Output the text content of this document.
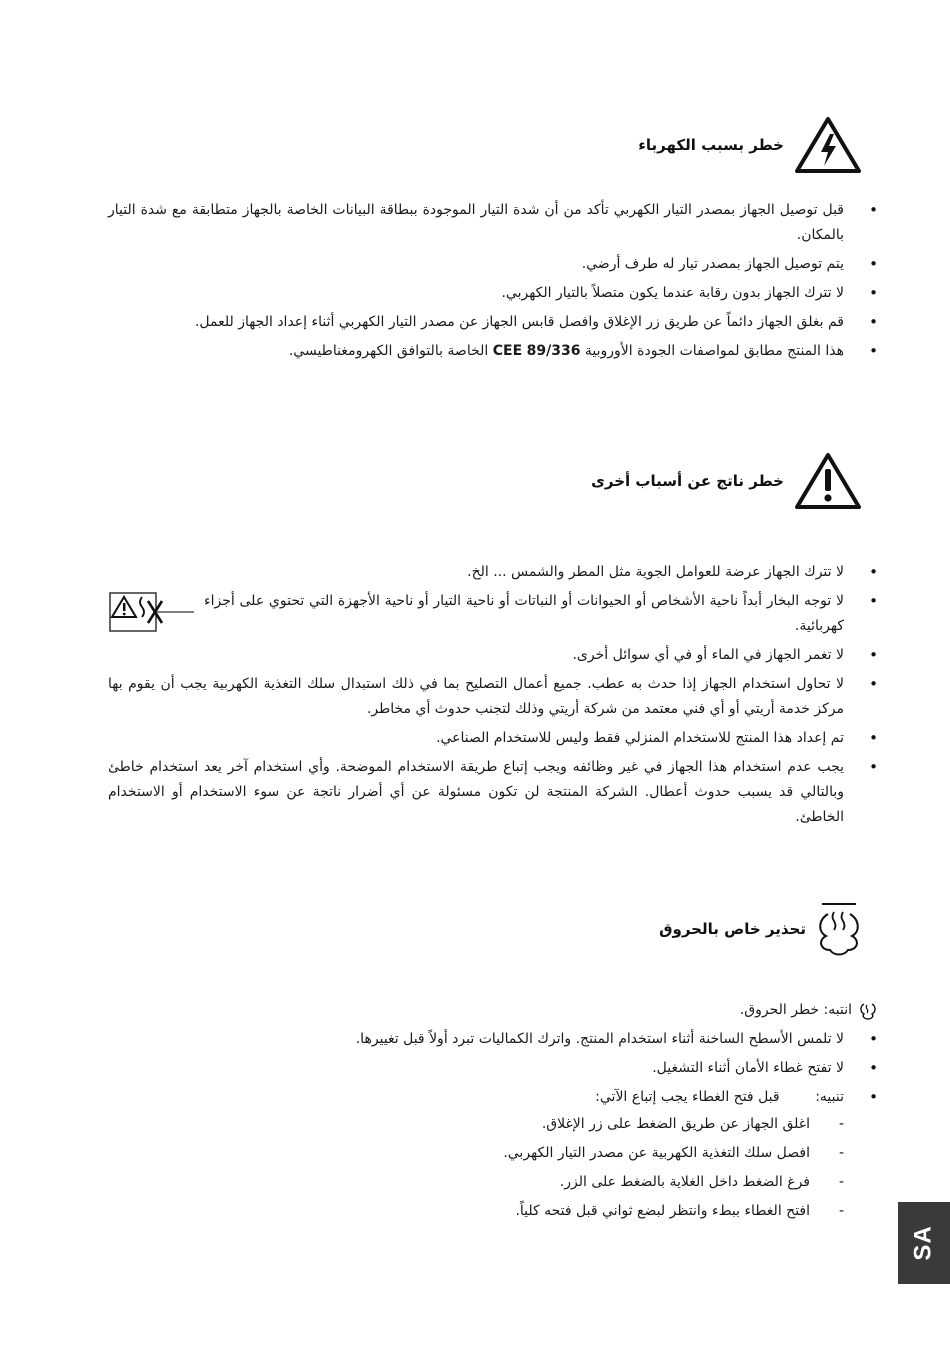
خطر بسبب الكهرباء
• قبل توصيل الجهاز بمصدر التيار الكهربي تأكد من أن شدة التيار الموجودة ببطاقة البيانات الخاصة بالجهاز متطابقة مع شدة التيار بالمكان.
• يتم توصيل الجهاز بمصدر تيار له طرف أرضي.
• لا تترك الجهاز بدون رقابة عندما يكون متصلاً بالتيار الكهربي.
• قم بغلق الجهاز دائماً عن طريق زر الإغلاق وافصل قابس الجهاز عن مصدر التيار الكهربي أثناء إعداد الجهاز للعمل.
• هذا المنتج مطابق لمواصفات الجودة الأوروبية 89/336 CEE الخاصة بالتوافق الكهرومغناطيسي.
خطر ناتج عن أسباب أخرى
• لا تترك الجهاز عرضة للعوامل الجوية مثل المطر والشمس ... الخ.
• لا توجه البخار أبداً ناحية الأشخاص أو الحيوانات أو النباتات أو ناحية التيار أو ناحية الأجهزة التي تحتوي على أجزاء كهربائية.
• لا تغمر الجهاز في الماء أو في أي سوائل أخرى.
• لا تحاول استخدام الجهاز إذا حدث به عطب. جميع أعمال التصليح بما في ذلك استبدال سلك التغذية الكهربية يجب أن يقوم بها مركز خدمة أريتي أو أي فني معتمد من شركة أريتي وذلك لتجنب حدوث أي مخاطر.
• تم إعداد هذا المنتج للاستخدام المنزلي فقط وليس للاستخدام الصناعي.
• يجب عدم استخدام هذا الجهاز في غير وظائفه ويجب إتباع طريقة الاستخدام الموضحة. وأي استخدام آخر يعد استخدام خاطئ وبالتالي قد يسبب حدوث أعطال. الشركة المنتجة لن تكون مسئولة عن أي أضرار ناتجة عن سوء الاستخدام أو الاستخدام الخاطئ.
تحذير خاص بالحروق
انتبه: خطر الحروق.
• لا تلمس الأسطح الساخنة أثناء استخدام المنتج. واترك الكماليات تبرد أولاً قبل تغييرها.
• لا تفتح غطاء الأمان أثناء التشغيل.
• تنبيه:        قبل فتح الغطاء يجب إتباع الآتي:
- اغلق الجهاز عن طريق الضغط على زر الإغلاق.
- افصل سلك التغذية الكهربية عن مصدر التيار الكهربي.
- فرغ الضغط داخل الغلاية بالضغط على الزر.
- افتح الغطاء ببطء وانتظر لبضع ثواني قبل فتحه كلياً.
SA
